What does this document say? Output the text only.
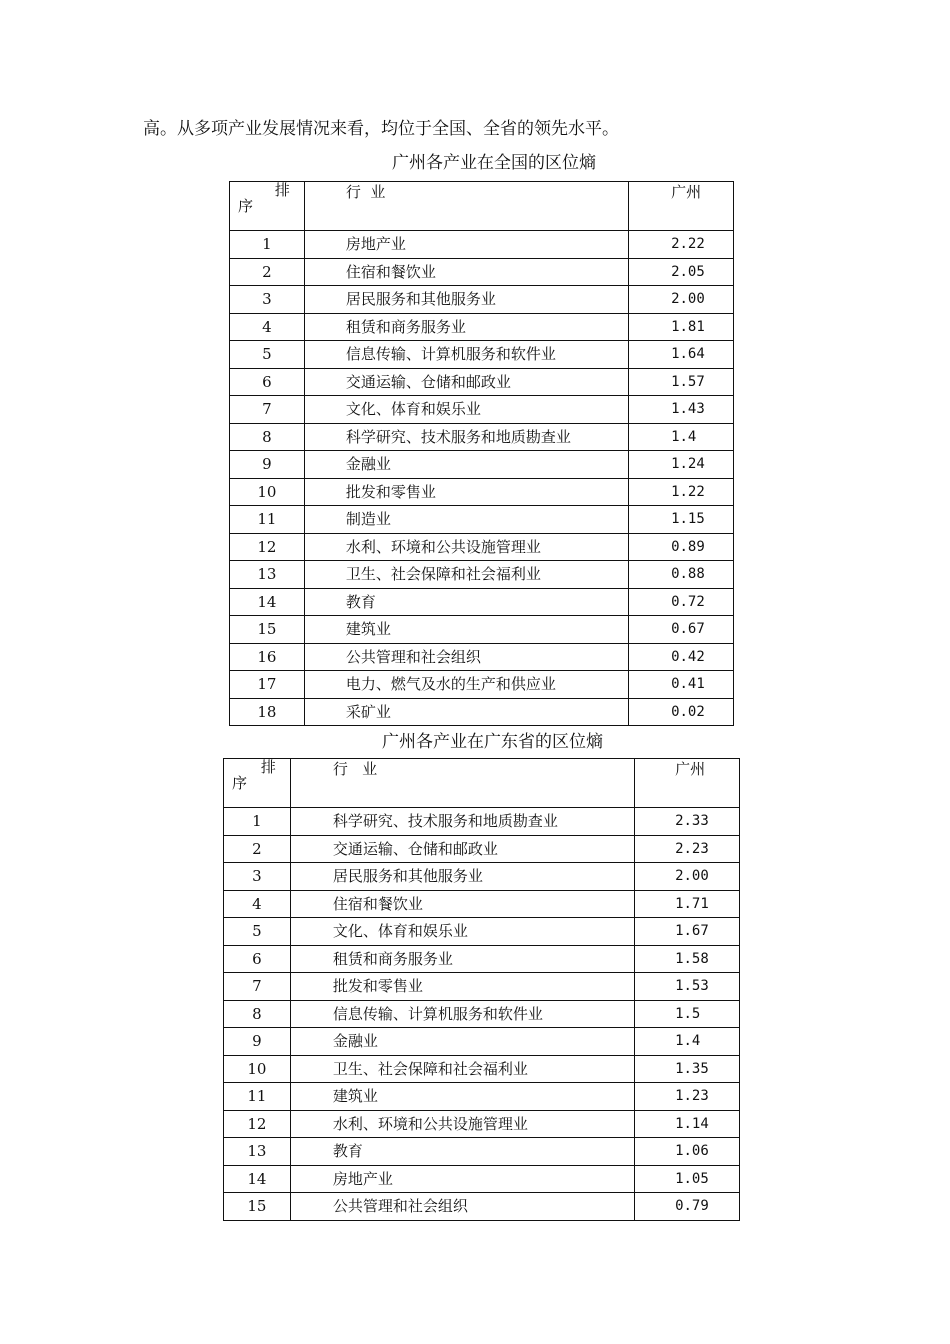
高。从多项产业发展情况来看，均位于全国、全省的领先水平。
广州各产业在全国的区位熵
排
序	行  业	广州

1	房地产业	2.22
2	住宿和餐饮业	2.05
3	居民服务和其他服务业	2.00
4	租赁和商务服务业	1.81
5	信息传输、计算机服务和软件业	1.64
6	交通运输、仓储和邮政业	1.57
7	文化、体育和娱乐业	1.43
8	科学研究、技术服务和地质勘查业	1.4
9	金融业	1.24
10	批发和零售业	1.22
11	制造业	1.15
12	水利、环境和公共设施管理业	0.89
13	卫生、社会保障和社会福利业	0.88
14	教育	0.72
15	建筑业	0.67
16	公共管理和社会组织	0.42
17	电力、燃气及水的生产和供应业	0.41
18	采矿业	0.02
广州各产业在广东省的区位熵
排
序	行   业	广州

1	科学研究、技术服务和地质勘查业	2.33
2	交通运输、仓储和邮政业	2.23
3	居民服务和其他服务业	2.00
4	住宿和餐饮业	1.71
5	文化、体育和娱乐业	1.67
6	租赁和商务服务业	1.58
7	批发和零售业	1.53
8	信息传输、计算机服务和软件业	1.5
9	金融业	1.4
10	卫生、社会保障和社会福利业	1.35
11	建筑业	1.23
12	水利、环境和公共设施管理业	1.14
13	教育	1.06
14	房地产业	1.05
15	公共管理和社会组织	0.79
